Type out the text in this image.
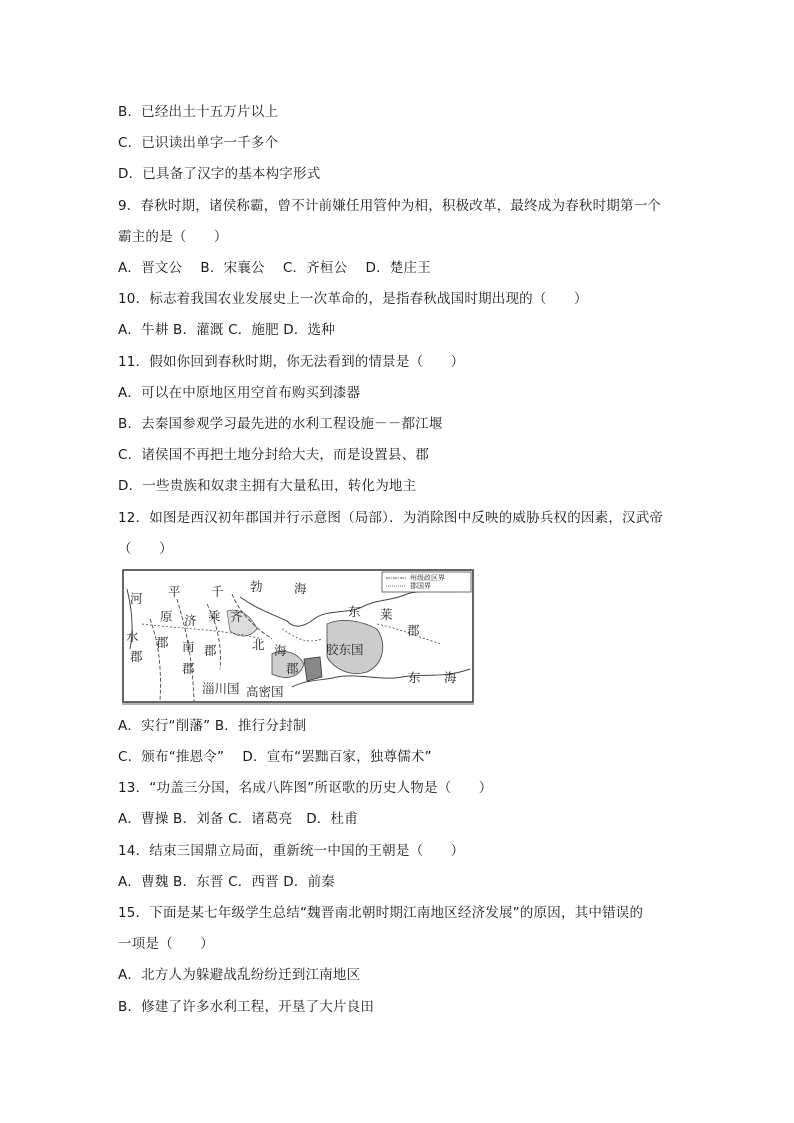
B．已经出土十五万片以上
C．已识读出单字一千多个
D．已具备了汉字的基本构字形式
9．春秋时期，诸侯称霸，曾不计前嫌任用管仲为相，积极改革，最终成为春秋时期第一个
霸主的是（　　）
A．晋文公　 B．宋襄公　 C．齐桓公　 D．楚庄王
10．标志着我国农业发展史上一次革命的，是指春秋战国时期出现的（　　）
A．牛耕 B．灌溉 C．施肥 D．选种
11．假如你回到春秋时期，你无法看到的情景是（　　）
A．可以在中原地区用空首布购买到漆器
B．去秦国参观学习最先进的水利工程设施－－都江堰
C．诸侯国不再把土地分封给大夫，而是设置县、郡
D．一些贵族和奴隶主拥有大量私田，转化为地主
12．如图是西汉初年郡国并行示意图（局部）．为消除图中反映的威胁兵权的因素，汉武帝
（　　）
州级政区界
郡国界
河
水
郡
平
原
郡
济
南
郡
千
乘
郡
齐
北 海
郡
勃	海
东 莱
郡
胶东国
淄川国 高密国
东 海
A．实行“削藩” B．推行分封制
C．颁布“推恩令”　 D．宣布“罢黜百家，独尊儒术”
13．“功盖三分国，名成八阵图”所讴歌的历史人物是（　　）
A．曹操 B．刘备 C．诸葛亮　D．杜甫
14．结束三国鼎立局面，重新统一中国的王朝是（　　）
A．曹魏 B．东晋 C．西晋 D．前秦
15．下面是某七年级学生总结“魏晋南北朝时期江南地区经济发展”的原因，其中错误的
一项是（　　）
A．北方人为躲避战乱纷纷迁到江南地区
B．修建了许多水利工程，开垦了大片良田
